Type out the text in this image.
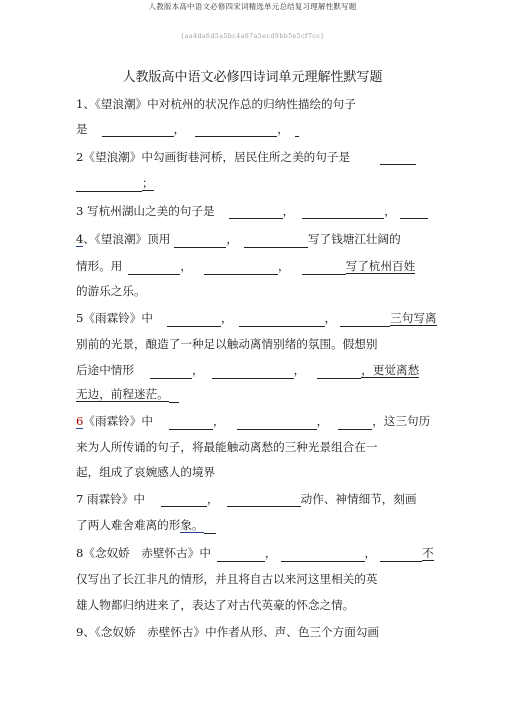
人教版本高中语文必修四宋词精选单元总结复习理解性默写题
{aa4da6d5a5bc4a67a5ecd9bb5e5cf7cc}
人教版高中语文必修四诗词单元理解性默写题
1、《望浪潮》中对杭州的状况作总的归纳性描绘的句子
是	，	，
2《望浪潮》中勾画街巷河桥，居民住所之美的句子是
；
3 写杭州湖山之美的句子是	，	，
4、《望浪潮》顶用	，	写了钱塘江壮阔的
情形。用	，	，	写了杭州百姓
的游乐之乐。
5《雨霖铃》中	，	，	三句写离
别前的光景，酿造了一种足以触动离情别绪的氛围。假想别
后途中情形	，	，	，更觉离愁
无边，前程迷茫。
6《雨霖铃》中	，	，	，这三句历
来为人所传诵的句子，将最能触动离愁的三种光景组合在一
起，组成了哀婉感人的境界
7 雨霖铃》中	，	动作、神情细节，刻画
了两人难舍难离的形象。
8《念奴娇　赤壁怀古》中	，	，	不
仅写出了长江非凡的情形，并且将自古以来河这里相关的英
雄人物都归纳进来了，表达了对古代英豪的怀念之情。
9、《念奴娇　赤壁怀古》中作者从形、声、色三个方面勾画
